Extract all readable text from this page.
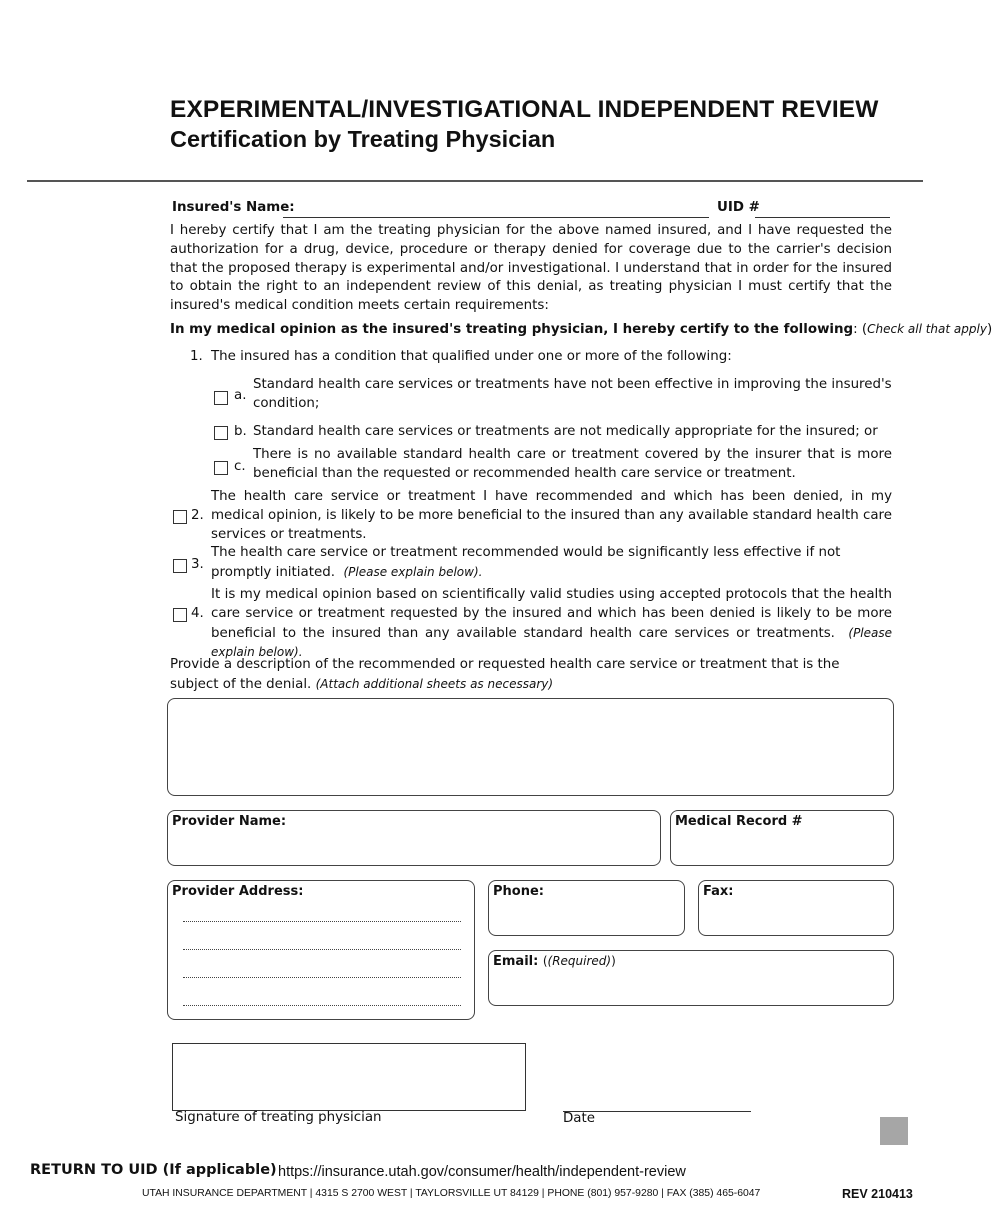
EXPERIMENTAL/INVESTIGATIONAL INDEPENDENT REVIEW
Certification by Treating Physician
Insured's Name:	UID #
I hereby certify that I am the treating physician for the above named insured, and I have requested the authorization for a drug, device, procedure or therapy denied for coverage due to the carrier's decision that the proposed therapy is experimental and/or investigational. I understand that in order for the insured to obtain the right to an independent review of this denial, as treating physician I must certify that the insured's medical condition meets certain requirements:
In my medical opinion as the insured's treating physician, I hereby certify to the following: (Check all that apply)
1. The insured has a condition that qualified under one or more of the following:
a.
Standard health care services or treatments have not been effective in improving the insured's condition;
b. Standard health care services or treatments are not medically appropriate for the insured; or
c.
There is no available standard health care or treatment covered by the insurer that is more beneficial than the requested or recommended health care service or treatment.
2.
The health care service or treatment I have recommended and which has been denied, in my medical opinion, is likely to be more beneficial to the insured than any available standard health care services or treatments.
3.
The health care service or treatment recommended would be significantly less effective if not promptly initiated. (Please explain below).
4.
It is my medical opinion based on scientifically valid studies using accepted protocols that the health care service or treatment requested by the insured and which has been denied is likely to be more beneficial to the insured than any available standard health care services or treatments. (Please explain below).
Provide a description of the recommended or requested health care service or treatment that is the subject of the denial. (Attach additional sheets as necessary)
Provider Name:	Medical Record #
Provider Address:	Phone:	Fax:
Email: ((Required))
Signature of treating physician	Date
RETURN TO UID (If applicable) https://insurance.utah.gov/consumer/health/independent-review
UTAH INSURANCE DEPARTMENT | 4315 S 2700 WEST | TAYLORSVILLE UT 84129 | PHONE (801) 957-9280 | FAX (385) 465-6047	REV 210413
